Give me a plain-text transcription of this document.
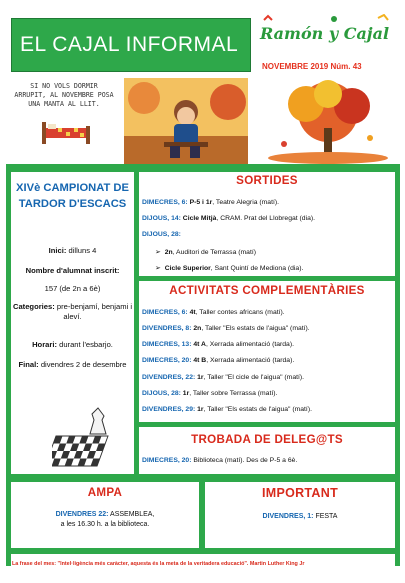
EL CAJAL INFORMAL Ramón y Cajal
NOVEMBRE 2019 Núm. 43
SI NO VOLS DORMIR ARRUPIT, AL NOVEMBRE POSA UNA MANTA AL LLIT.
XIVè CAMPIONAT DE TARDOR D'ESCACS
Inici: dilluns 4
Nombre d'alumnat inscrit:
157 (de 2n a 6è)
Categories: pre-benjamí, benjami i aleví.
Horari: durant l'esbarjo.
Final: divendres 2 de desembre
SORTIDES
DIMECRES, 6: P-5 i 1r, Teatre Alegria (matí).
DIJOUS, 14: Cicle Mitjà, CRAM. Prat del Llobregat (dia).
DIJOUS, 28:
➢ 2n, Auditori de Terrassa (matí)
➢ Cicle Superior, Sant Quintí de Mediona (dia).
ACTIVITATS COMPLEMENTÀRIES
DIMECRES, 6: 4t, Taller contes africans (matí).
DIVENDRES, 8: 2n, Taller "Els estats de l'aigua" (matí).
DIMECRES, 13: 4t A, Xerrada alimentació (tarda).
DIMECRES, 20: 4t B, Xerrada alimentació (tarda).
DIVENDRES, 22: 1r, Taller "El cicle de l'aigua" (matí).
DIJOUS, 28: 1r, Taller sobre Terrassa (matí).
DIVENDRES, 29: 1r, Taller "Els estats de l'aigua" (matí).
TROBADA DE DELEG@TS
DIMECRES, 20: Biblioteca (matí). Des de P-5 a 6è.
AMPA
DIVENDRES 22: ASSEMBLEA,
a les 16.30 h. a la biblioteca.
IMPORTANT
DIVENDRES, 1: FESTA
La frase del mes: "Intel·ligència més caràcter, aquesta és la meta de la veritadera educació". Martin Luther King Jr
